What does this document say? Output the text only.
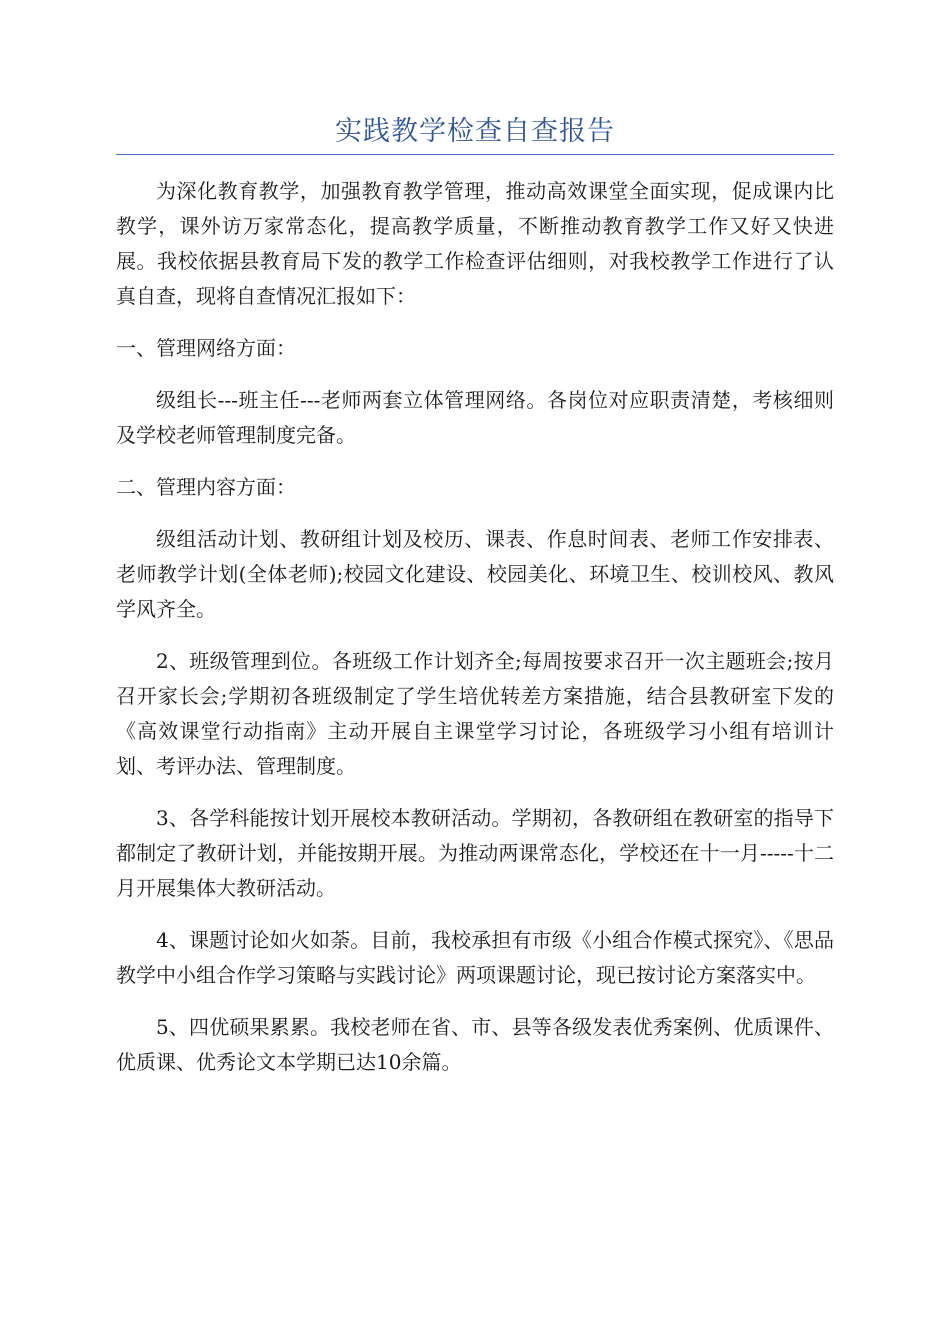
实践教学检查自查报告

为深化教育教学，加强教育教学管理，推动高效课堂全面实现，促成课内比教学，课外访万家常态化，提高教学质量，不断推动教育教学工作又好又快进展。我校依据县教育局下发的教学工作检查评估细则，对我校教学工作进行了认真自查，现将自查情况汇报如下：

一、管理网络方面：

级组长---班主任---老师两套立体管理网络。各岗位对应职责清楚，考核细则及学校老师管理制度完备。

二、管理内容方面：

级组活动计划、教研组计划及校历、课表、作息时间表、老师工作安排表、老师教学计划(全体老师);校园文化建设、校园美化、环境卫生、校训校风、教风学风齐全。

2、班级管理到位。各班级工作计划齐全;每周按要求召开一次主题班会;按月召开家长会;学期初各班级制定了学生培优转差方案措施，结合县教研室下发的《高效课堂行动指南》主动开展自主课堂学习讨论，各班级学习小组有培训计划、考评办法、管理制度。

3、各学科能按计划开展校本教研活动。学期初，各教研组在教研室的指导下都制定了教研计划，并能按期开展。为推动两课常态化，学校还在十一月-----十二月开展集体大教研活动。

4、课题讨论如火如荼。目前，我校承担有市级《小组合作模式探究》、《思品教学中小组合作学习策略与实践讨论》两项课题讨论，现已按讨论方案落实中。

5、四优硕果累累。我校老师在省、市、县等各级发表优秀案例、优质课件、优质课、优秀论文本学期已达10余篇。
